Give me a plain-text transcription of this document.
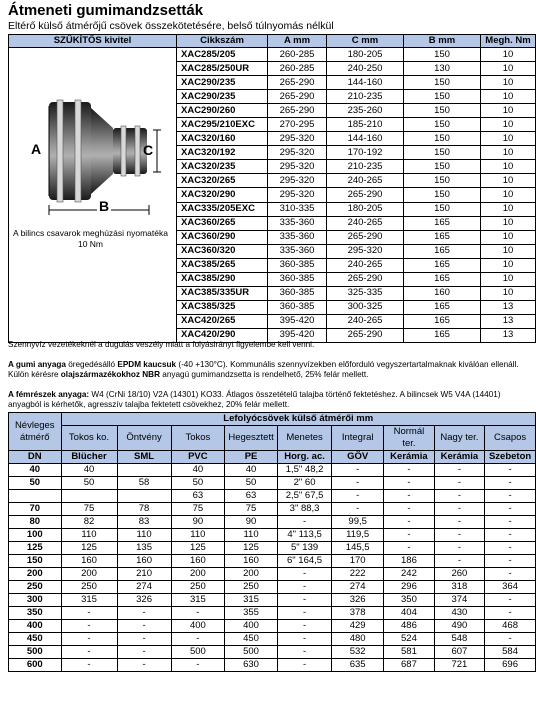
Átmeneti gumimandzsetták
Eltérő külső átmérőjű csövek összekötetésére, belső túlnyomás nélkül
SZŰKÍTŐS kivitel	Cikkszám	A mm	C mm	B mm	Megh. Nm

A C
B
A bilincs csavarok meghúzási nyomatéka 10 Nm	XAC285/205	260-285	180-205	150	10
	XAC285/250UR	260-285	240-250	130	10
	XAC290/235	265-290	144-160	150	10
	XAC290/235	265-290	210-235	150	10
	XAC290/260	265-290	235-260	150	10
	XAC295/210EXC	270-295	185-210	150	10
	XAC320/160	295-320	144-160	150	10
	XAC320/192	295-320	170-192	150	10
	XAC320/235	295-320	210-235	150	10
	XAC320/265	295-320	240-265	150	10
	XAC320/290	295-320	265-290	150	10
	XAC335/205EXC	310-335	180-205	150	10
	XAC360/265	335-360	240-265	165	10
	XAC360/290	335-360	265-290	165	10
	XAC360/320	335-360	295-320	165	10
	XAC385/265	360-385	240-265	165	10
	XAC385/290	360-385	265-290	165	10
	XAC385/335UR	360-385	325-335	160	10
	XAC385/325	360-385	300-325	165	13
	XAC420/265	395-420	240-265	165	13
	XAC420/290	395-420	265-290	165	13
Szennyvíz vezetékeknél a dugulás veszély miatt a folyásirányt figyelembe kell venni.
A gumi anyaga öregedésálló EPDM kaucsuk (-40 +130°C). Kommunális szennyvízekben előforduló vegyszertartalmaknak kiválóan ellenáll. Külön kérésre olajszármazékokhoz NBR anyagú gumimandzsetta is rendelhető, 25% felár mellett.
A fémrészek anyaga: W4 (CrNi 18/10) V2A (14301) KO33. Átlagos összetételű talajba történő fektetéshez. A bilincsek W5 V4A (14401) anyagból is kérhetők, agresszív talajba fektetett csövekhez, 20% felár mellett.
Névleges átmérő	Lefolyócsövek külső átmérői mm								
	Tokos ko.	Öntvény	Tokos	Hegesztett	Menetes	Integral	Normál ter.	Nagy ter.	Csapos
DN	Blücher	SML	PVC	PE	Horg. ac.	GÖV	Kerámia	Kerámia	Szebeton
40	40		40	40	1,5" 48,2	-	-	-	-
50	50	58	50	50	2" 60	-	-	-	-
			63	63	2,5" 67,5	-	-	-	-
70	75	78	75	75	3" 88,3	-	-	-	-
80	82	83	90	90	-	99,5	-	-	-
100	110	110	110	110	4" 113,5	119,5	-	-	-
125	125	135	125	125	5" 139	145,5	-	-	-
150	160	160	160	160	6" 164,5	170	186	-	-
200	200	210	200	200	-	222	242	260	-
250	250	274	250	250	-	274	296	318	364
300	315	326	315	315	-	326	350	374	-
350	-	-	-	355	-	378	404	430	-
400	-	-	400	400	-	429	486	490	468
450	-	-	-	450	-	480	524	548	-
500	-	-	500	500	-	532	581	607	584
600	-	-	-	630	-	635	687	721	696
